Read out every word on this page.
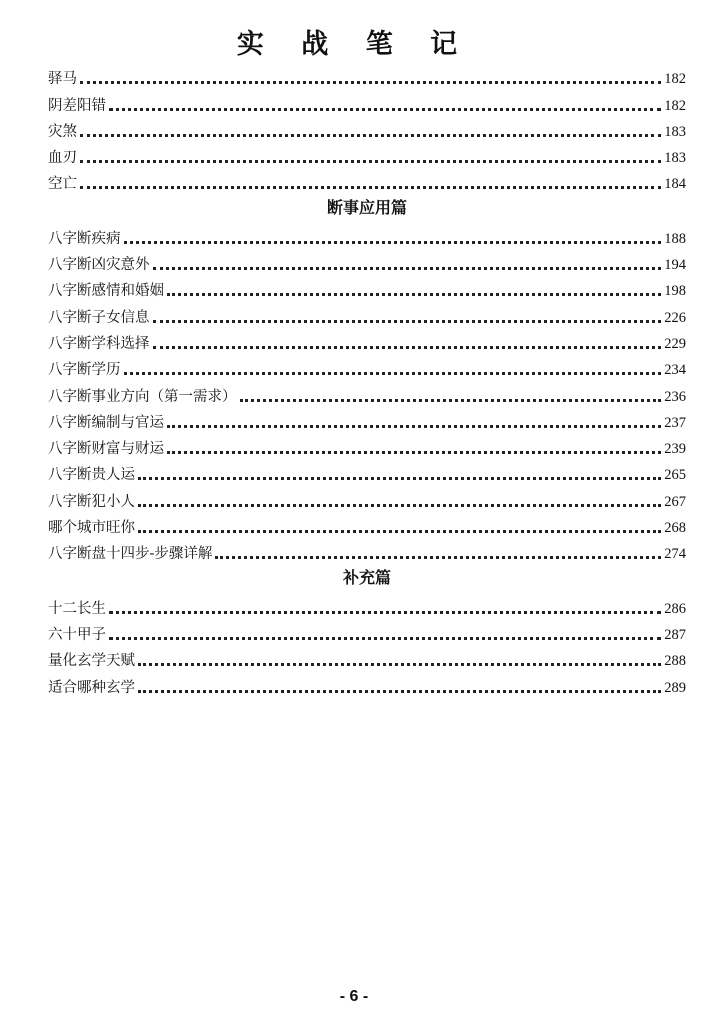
实 战 笔 记
驿马	182
阴差阳错	182
灾煞	183
血刃	183
空亡	184
断事应用篇
八字断疾病	188
八字断凶灾意外	194
八字断感情和婚姻	198
八字断子女信息	226
八字断学科选择	229
八字断学历	234
八字断事业方向（第一需求）	236
八字断编制与官运	237
八字断财富与财运	239
八字断贵人运	265
八字断犯小人	267
哪个城市旺你	268
八字断盘十四步-步骤详解	274
补充篇
十二长生	286
六十甲子	287
量化玄学天赋	288
适合哪种玄学	289
- 6 -
